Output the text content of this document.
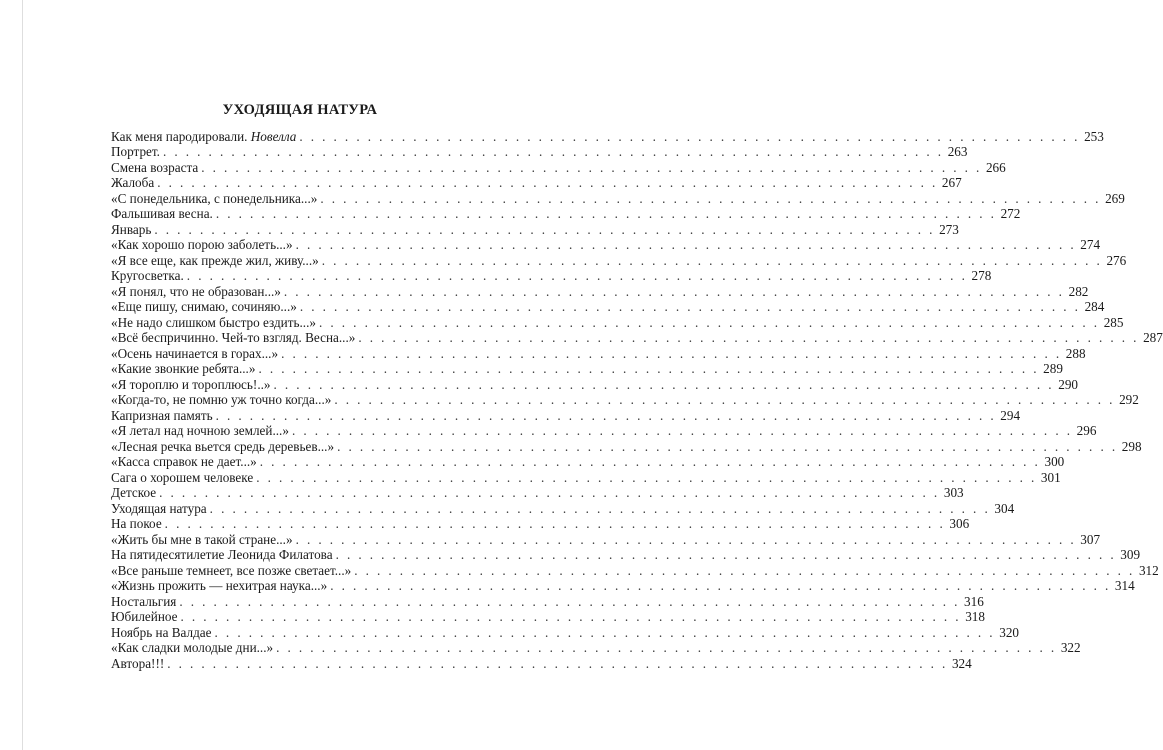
УХОДЯЩАЯ НАТУРА
Как меня пародировали. Новелла . . . . . . . . . . . . . . . . . . . . . . . . . . . . . . . . . . . . . . . . . . . . . . . . . . . . . . . . . . . . . . . . . . . . . 253
Портрет. . . . . . . . . . . . . . . . . . . . . . . . . . . . . . . . . . . . . . . . . . . . . . . . . . . . . . . . . . . . . . . . . . . . . . 263
Смена возраста . . . . . . . . . . . . . . . . . . . . . . . . . . . . . . . . . . . . . . . . . . . . . . . . . . . . . . . . . . . . . . . . . . . . . 266
Жалоба . . . . . . . . . . . . . . . . . . . . . . . . . . . . . . . . . . . . . . . . . . . . . . . . . . . . . . . . . . . . . . . . . . . . . 267
«С понедельника, с понедельника...» . . . . . . . . . . . . . . . . . . . . . . . . . . . . . . . . . . . . . . . . . . . . . . . . . . . . . . . . . . . . . . . . . . . . . 269
Фальшивая весна. . . . . . . . . . . . . . . . . . . . . . . . . . . . . . . . . . . . . . . . . . . . . . . . . . . . . . . . . . . . . . . . . . . . . . 272
Январь . . . . . . . . . . . . . . . . . . . . . . . . . . . . . . . . . . . . . . . . . . . . . . . . . . . . . . . . . . . . . . . . . . . . . 273
«Как хорошо порою заболеть...» . . . . . . . . . . . . . . . . . . . . . . . . . . . . . . . . . . . . . . . . . . . . . . . . . . . . . . . . . . . . . . . . . . . . . 274
«Я все еще, как прежде жил, живу...» . . . . . . . . . . . . . . . . . . . . . . . . . . . . . . . . . . . . . . . . . . . . . . . . . . . . . . . . . . . . . . . . . . . . . 276
Кругосветка. . . . . . . . . . . . . . . . . . . . . . . . . . . . . . . . . . . . . . . . . . . . . . . . . . . . . . . . . . . . . . . . . . . . . . 278
«Я понял, что не образован...» . . . . . . . . . . . . . . . . . . . . . . . . . . . . . . . . . . . . . . . . . . . . . . . . . . . . . . . . . . . . . . . . . . . . . 282
«Еще пишу, снимаю, сочиняю...» . . . . . . . . . . . . . . . . . . . . . . . . . . . . . . . . . . . . . . . . . . . . . . . . . . . . . . . . . . . . . . . . . . . . . 284
«Не надо слишком быстро ездить...» . . . . . . . . . . . . . . . . . . . . . . . . . . . . . . . . . . . . . . . . . . . . . . . . . . . . . . . . . . . . . . . . . . . . . 285
«Всё беспричинно. Чей-то взгляд. Весна...» . . . . . . . . . . . . . . . . . . . . . . . . . . . . . . . . . . . . . . . . . . . . . . . . . . . . . . . . . . . . . . . . . . . . . 287
«Осень начинается в горах...» . . . . . . . . . . . . . . . . . . . . . . . . . . . . . . . . . . . . . . . . . . . . . . . . . . . . . . . . . . . . . . . . . . . . . 288
«Какие звонкие ребята...» . . . . . . . . . . . . . . . . . . . . . . . . . . . . . . . . . . . . . . . . . . . . . . . . . . . . . . . . . . . . . . . . . . . . . 289
«Я тороплю и тороплюсь!..» . . . . . . . . . . . . . . . . . . . . . . . . . . . . . . . . . . . . . . . . . . . . . . . . . . . . . . . . . . . . . . . . . . . . . 290
«Когда-то, не помню уж точно когда...» . . . . . . . . . . . . . . . . . . . . . . . . . . . . . . . . . . . . . . . . . . . . . . . . . . . . . . . . . . . . . . . . . . . . . 292
Капризная память . . . . . . . . . . . . . . . . . . . . . . . . . . . . . . . . . . . . . . . . . . . . . . . . . . . . . . . . . . . . . . . . . . . . . 294
«Я летал над ночною землей...» . . . . . . . . . . . . . . . . . . . . . . . . . . . . . . . . . . . . . . . . . . . . . . . . . . . . . . . . . . . . . . . . . . . . . 296
«Лесная речка вьется средь деревьев...» . . . . . . . . . . . . . . . . . . . . . . . . . . . . . . . . . . . . . . . . . . . . . . . . . . . . . . . . . . . . . . . . . . . . . 298
«Касса справок не дает...» . . . . . . . . . . . . . . . . . . . . . . . . . . . . . . . . . . . . . . . . . . . . . . . . . . . . . . . . . . . . . . . . . . . . . 300
Сага о хорошем человеке . . . . . . . . . . . . . . . . . . . . . . . . . . . . . . . . . . . . . . . . . . . . . . . . . . . . . . . . . . . . . . . . . . . . . 301
Детское . . . . . . . . . . . . . . . . . . . . . . . . . . . . . . . . . . . . . . . . . . . . . . . . . . . . . . . . . . . . . . . . . . . . . 303
Уходящая натура . . . . . . . . . . . . . . . . . . . . . . . . . . . . . . . . . . . . . . . . . . . . . . . . . . . . . . . . . . . . . . . . . . . . . 304
На покое . . . . . . . . . . . . . . . . . . . . . . . . . . . . . . . . . . . . . . . . . . . . . . . . . . . . . . . . . . . . . . . . . . . . . 306
«Жить бы мне в такой стране...» . . . . . . . . . . . . . . . . . . . . . . . . . . . . . . . . . . . . . . . . . . . . . . . . . . . . . . . . . . . . . . . . . . . . . 307
На пятидесятилетие Леонида Филатова . . . . . . . . . . . . . . . . . . . . . . . . . . . . . . . . . . . . . . . . . . . . . . . . . . . . . . . . . . . . . . . . . . . . . 309
«Все раньше темнеет, все позже светает...» . . . . . . . . . . . . . . . . . . . . . . . . . . . . . . . . . . . . . . . . . . . . . . . . . . . . . . . . . . . . . . . . . . . . . 312
«Жизнь прожить — нехитрая наука...» . . . . . . . . . . . . . . . . . . . . . . . . . . . . . . . . . . . . . . . . . . . . . . . . . . . . . . . . . . . . . . . . . . . . . 314
Ностальгия . . . . . . . . . . . . . . . . . . . . . . . . . . . . . . . . . . . . . . . . . . . . . . . . . . . . . . . . . . . . . . . . . . . . . 316
Юбилейное . . . . . . . . . . . . . . . . . . . . . . . . . . . . . . . . . . . . . . . . . . . . . . . . . . . . . . . . . . . . . . . . . . . . . 318
Ноябрь на Валдае . . . . . . . . . . . . . . . . . . . . . . . . . . . . . . . . . . . . . . . . . . . . . . . . . . . . . . . . . . . . . . . . . . . . . 320
«Как сладки молодые дни...» . . . . . . . . . . . . . . . . . . . . . . . . . . . . . . . . . . . . . . . . . . . . . . . . . . . . . . . . . . . . . . . . . . . . . 322
Автора!!! . . . . . . . . . . . . . . . . . . . . . . . . . . . . . . . . . . . . . . . . . . . . . . . . . . . . . . . . . . . . . . . . . . . . . 324
